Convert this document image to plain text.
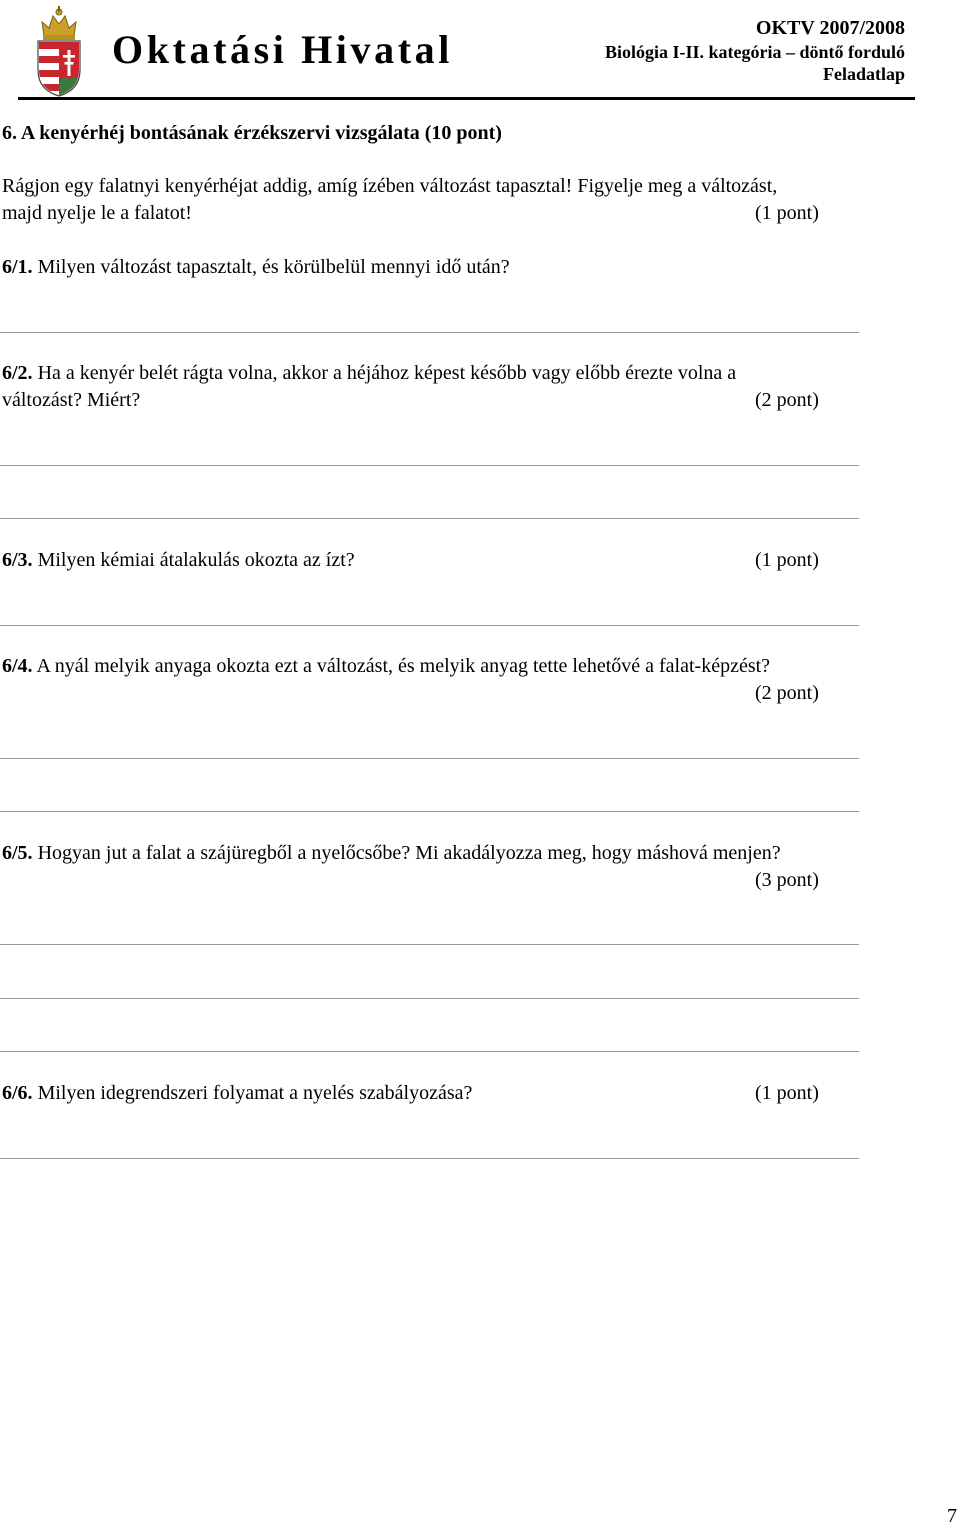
Oktatási Hivatal	OKTV 2007/2008
Biológia I-II. kategória – döntő forduló
Feladatlap
6. A kenyérhéj bontásának érzékszervi vizsgálata (10 pont)
Rágjon egy falatnyi kenyérhéjat addig, amíg ízében változást tapasztal! Figyelje meg a változást,
majd nyelje le a falatot!	(1 pont)
6/1. Milyen változást tapasztalt, és körülbelül mennyi idő után?
6/2. Ha a kenyér belét rágta volna, akkor a héjához képest később vagy előbb érezte volna a
változást? Miért?	(2 pont)
6/3. Milyen kémiai átalakulás okozta az ízt?	(1 pont)
6/4. A nyál melyik anyaga okozta ezt a változást, és melyik anyag tette lehetővé a falat-képzést?
(2 pont)
6/5. Hogyan jut a falat a szájüregből a nyelőcsőbe? Mi akadályozza meg, hogy máshová menjen?
(3 pont)
6/6. Milyen idegrendszeri folyamat a nyelés szabályozása?	(1 pont)
7
